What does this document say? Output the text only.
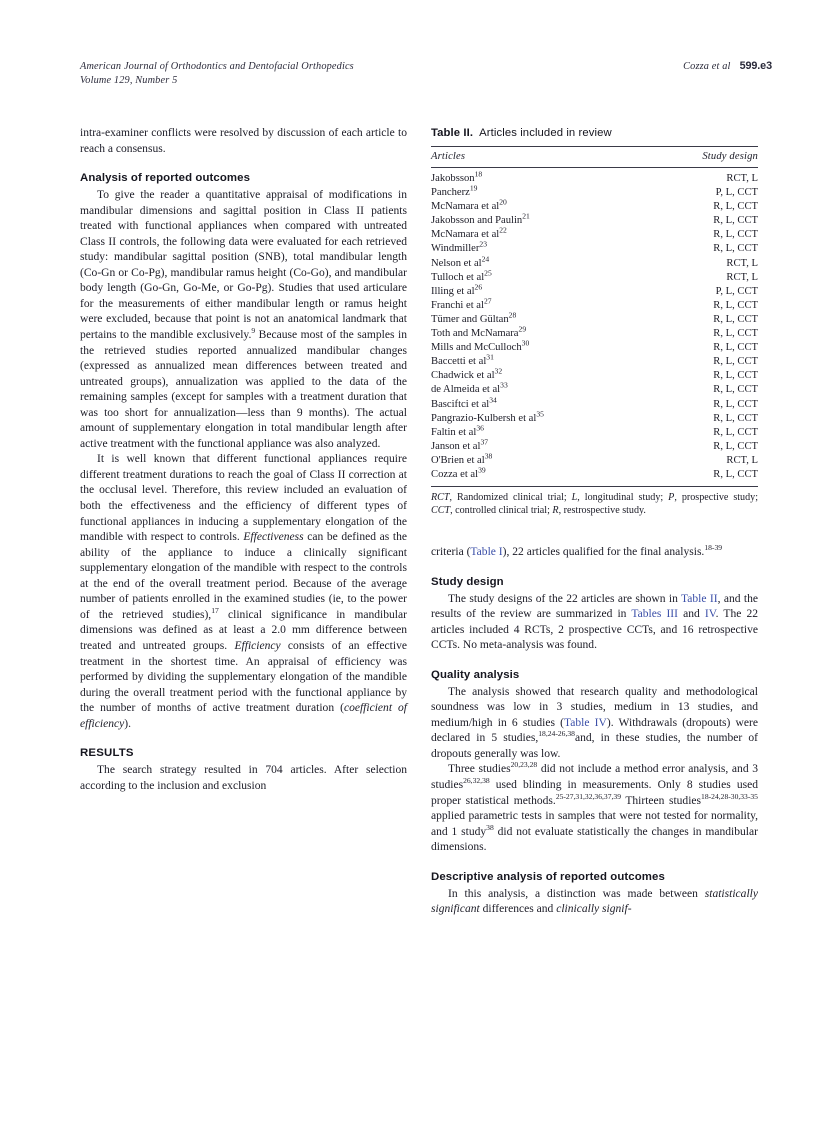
American Journal of Orthodontics and Dentofacial Orthopedics
Volume 129, Number 5
Cozza et al 599.e3

intra-examiner conflicts were resolved by discussion of each article to reach a consensus.

Analysis of reported outcomes

To give the reader a quantitative appraisal of modifications in mandibular dimensions and sagittal position in Class II patients treated with functional appliances when compared with untreated Class II controls, the following data were evaluated for each retrieved study: mandibular sagittal position (SNB), total mandibular length (Co-Gn or Co-Pg), mandibular ramus height (Co-Go), and mandibular body length (Go-Gn, Go-Me, or Go-Pg). Studies that used articulare for the measurements of either mandibular length or ramus height were excluded, because that point is not an anatomical landmark that pertains to the mandible exclusively.$^9$ Because most of the samples in the retrieved studies reported annualized mandibular changes (expressed as annualized mean differences between treated and untreated groups), annualization was applied to the data of the remaining samples (except for samples with a treatment duration that was too short for annualization—less than 9 months). The actual amount of supplementary elongation in total mandibular length after active treatment with the functional appliance was also analyzed.

It is well known that different functional appliances require different treatment durations to reach the goal of Class II correction at the occlusal level. Therefore, this review included an evaluation of both the effectiveness and the efficiency of different types of functional appliances in inducing a supplementary elongation of the mandible with respect to controls. Effectiveness can be defined as the ability of the appliance to induce a clinically significant supplementary elongation of the mandible with respect to the controls at the end of the overall treatment period. Because of the average number of patients enrolled in the examined studies (ie, to the power of the retrieved studies),$^{17}$ clinical significance in mandibular dimensions was defined as at least a 2.0 mm difference between treated and untreated groups. Efficiency consists of an effective treatment in the shortest time. An appraisal of efficiency was performed by dividing the supplementary elongation of the mandible during the overall treatment period with the functional appliance by the number of months of active treatment duration (coefficient of efficiency).

RESULTS

The search strategy resulted in 704 articles. After selection according to the inclusion and exclusion

Table II. Articles included in review
Articles	Study design
Jakobsson$^{18}$	RCT, L
Pancherz$^{19}$	P, L, CCT
McNamara et $al^{20}$	R, L, CCT
Jakobsson and Paulin$^{21}$	R, L, CCT
McNamara et $al^{22}$	R, L, CCT
Windmiller$^{23}$	R, L, CCT
Nelson et $al^{24}$	RCT, L
Tulloch et $al^{25}$	RCT, L
Illing et $al^{26}$	P, L, CCT
Franchi et $al^{27}$	R, L, CCT
Tümer and Gültan$^{28}$	R, L, CCT
Toth and McNamara$^{29}$	R, L, CCT
Mills and McCulloch$^{30}$	R, L, CCT
Baccetti et $al^{31}$	R, L, CCT
Chadwick et $al^{32}$	R, L, CCT
de Almeida et $al^{33}$	R, L, CCT
Basciftci et $al^{34}$	R, L, CCT
Pangrazio-Kulbersh et $al^{35}$	R, L, CCT
Faltin et $al^{36}$	R, L, CCT
Janson et $al^{37}$	R, L, CCT
O'Brien et $al^{38}$	RCT, L
Cozza et $al^{39}$	R, L, CCT
RCT, Randomized clinical trial; L, longitudinal study; P, prospective study; CCT, controlled clinical trial; R, restrospective study.

criteria (Table I), 22 articles qualified for the final analysis.$^{18-39}$

Study design

The study designs of the 22 articles are shown in Table II, and the results of the review are summarized in Tables III and IV. The 22 articles included 4 RCTs, 2 prospective CCTs, and 16 retrospective CCTs. No meta-analysis was found.

Quality analysis

The analysis showed that research quality and methodological soundness was low in 3 studies, medium in 13 studies, and medium/high in 6 studies (Table IV). Withdrawals (dropouts) were declared in 5 studies,$^{18,24-26,38}$and, in these studies, the number of dropouts generally was low.

Three studies$^{20,23,28}$ did not include a method error analysis, and 3 studies$^{26,32,38}$ used blinding in measurements. Only 8 studies used proper statistical methods.$^{25-27,31,32,36,37,39}$ Thirteen studies$^{18-24,28-30,33-35}$ applied parametric tests in samples that were not tested for normality, and 1 study$^{38}$ did not evaluate statistically the changes in mandibular dimensions.

Descriptive analysis of reported outcomes

In this analysis, a distinction was made between statistically significant differences and clinically signif-
